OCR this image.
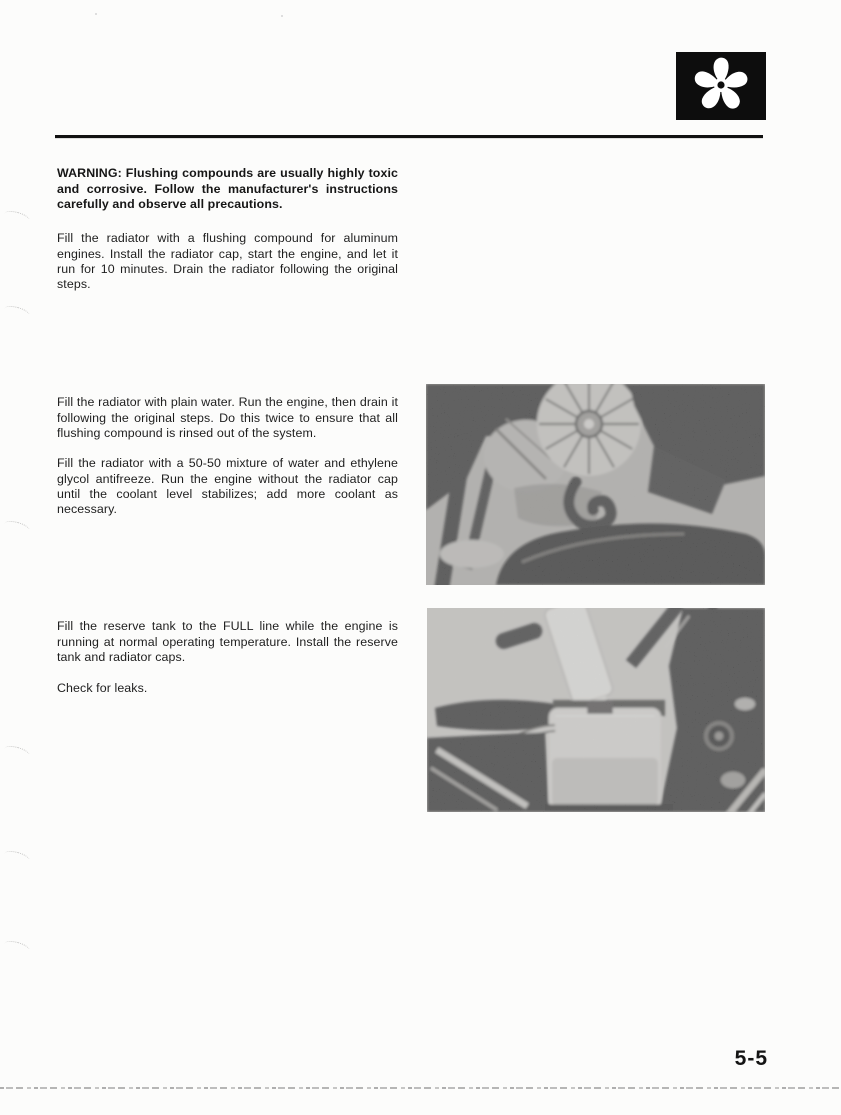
WARNING: Flushing compounds are usually highly toxic and corrosive. Follow the manufacturer's instructions carefully and observe all precautions.

Fill the radiator with a flushing compound for aluminum engines. Install the radiator cap, start the engine, and let it run for 10 minutes. Drain the radiator following the original steps.

Fill the radiator with plain water. Run the engine, then drain it following the original steps. Do this twice to ensure that all flushing compound is rinsed out of the system.

Fill the radiator with a 50-50 mixture of water and ethylene glycol antifreeze. Run the engine without the radiator cap until the coolant level stabilizes; add more coolant as necessary.

Fill the reserve tank to the FULL line while the engine is running at normal operating temperature. Install the reserve tank and radiator caps.

Check for leaks.

5-5
